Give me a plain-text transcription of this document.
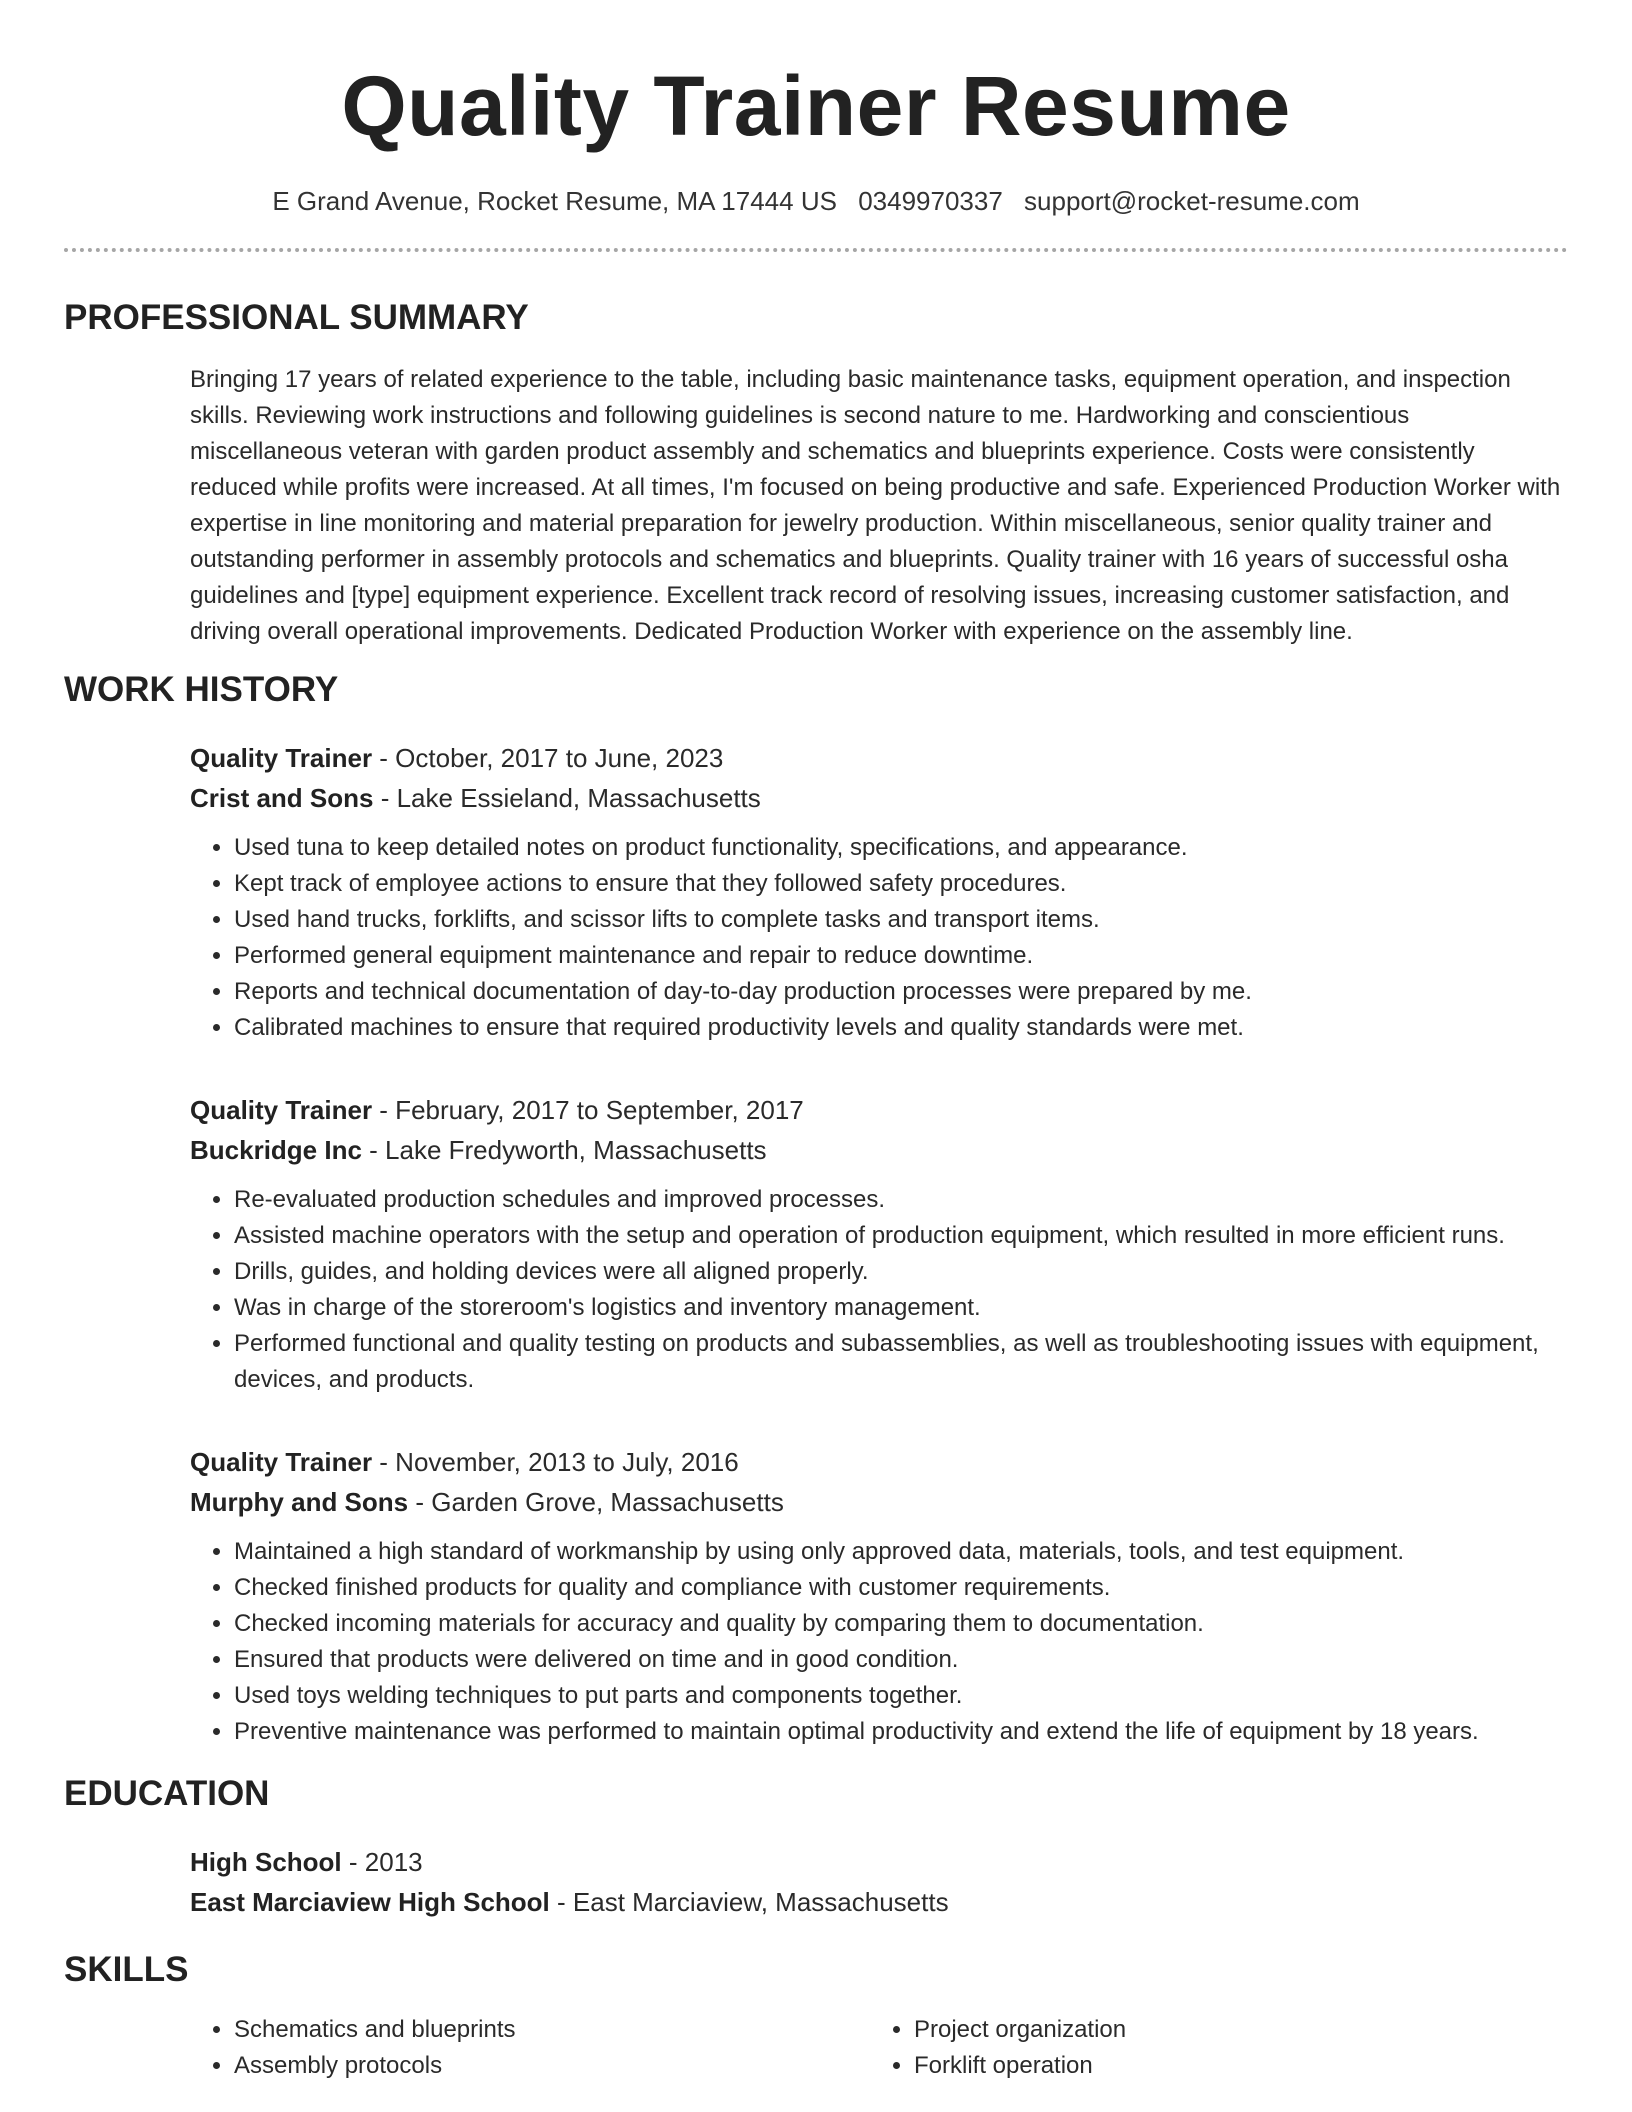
Quality Trainer Resume
E Grand Avenue, Rocket Resume, MA 17444 US 0349970337 support@rocket-resume.com
PROFESSIONAL SUMMARY
Bringing 17 years of related experience to the table, including basic maintenance tasks, equipment operation, and inspection skills. Reviewing work instructions and following guidelines is second nature to me. Hardworking and conscientious miscellaneous veteran with garden product assembly and schematics and blueprints experience. Costs were consistently reduced while profits were increased. At all times, I'm focused on being productive and safe. Experienced Production Worker with expertise in line monitoring and material preparation for jewelry production. Within miscellaneous, senior quality trainer and outstanding performer in assembly protocols and schematics and blueprints. Quality trainer with 16 years of successful osha guidelines and [type] equipment experience. Excellent track record of resolving issues, increasing customer satisfaction, and driving overall operational improvements. Dedicated Production Worker with experience on the assembly line.
WORK HISTORY
Quality Trainer - October, 2017 to June, 2023
Crist and Sons - Lake Essieland, Massachusetts
• Used tuna to keep detailed notes on product functionality, specifications, and appearance.
• Kept track of employee actions to ensure that they followed safety procedures.
• Used hand trucks, forklifts, and scissor lifts to complete tasks and transport items.
• Performed general equipment maintenance and repair to reduce downtime.
• Reports and technical documentation of day-to-day production processes were prepared by me.
• Calibrated machines to ensure that required productivity levels and quality standards were met.
Quality Trainer - February, 2017 to September, 2017
Buckridge Inc - Lake Fredyworth, Massachusetts
• Re-evaluated production schedules and improved processes.
• Assisted machine operators with the setup and operation of production equipment, which resulted in more efficient runs.
• Drills, guides, and holding devices were all aligned properly.
• Was in charge of the storeroom's logistics and inventory management.
• Performed functional and quality testing on products and subassemblies, as well as troubleshooting issues with equipment, devices, and products.
Quality Trainer - November, 2013 to July, 2016
Murphy and Sons - Garden Grove, Massachusetts
• Maintained a high standard of workmanship by using only approved data, materials, tools, and test equipment.
• Checked finished products for quality and compliance with customer requirements.
• Checked incoming materials for accuracy and quality by comparing them to documentation.
• Ensured that products were delivered on time and in good condition.
• Used toys welding techniques to put parts and components together.
• Preventive maintenance was performed to maintain optimal productivity and extend the life of equipment by 18 years.
EDUCATION
High School - 2013
East Marciaview High School - East Marciaview, Massachusetts
SKILLS
• Schematics and blueprints
• Assembly protocols
• Project organization
• Forklift operation
